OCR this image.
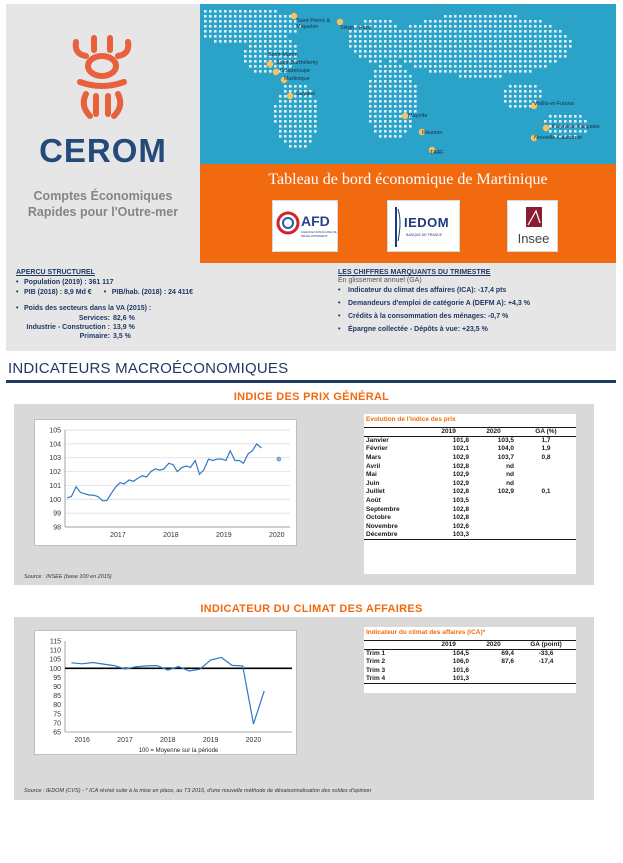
CEROM
Comptes Économiques
Rapides pour l'Outre-mer
Saint-Pierre & Miquelon	Siège - Paris
Saint-Martin
Saint-Barthélemy
Guadeloupe
Martinique
Guyane
Mayotte
Réunion
TAAF
Wallis-et-Futuna
Polynésie française
Nouvelle-Calédonie
Tableau de bord économique de Martinique
AFD
AGENCE FRANÇAISE DE DÉVELOPPEMENT
IEDOM
BANQUE DE FRANCE	Insee
APERCU STRUCTUREL
• Population (2019) : 361 117
• PIB (2018) : 8,9 Md € • PIB/hab. (2018) : 24 411€
• Poids des secteurs dans la VA (2015) :
Services: 82,6 %
Industrie - Construction : 13,9 %
Primaire: 3,5 %
LES CHIFFRES MARQUANTS DU TRIMESTRE
En glissement annuel (GA)
• Indicateur du climat des affaires (ICA): -17,4 pts
• Demandeurs d'emploi de catégorie A (DEFM A): +4,3 %
• Crédits à la consommation des ménages: -0,7 %
• Épargne collectée - Dépôts à vue: +23,5 %
INDICATEURS MACROÉCONOMIQUES
INDICE DES PRIX GÉNÉRAL
98
99
100
101
102
103
104
105
2017	2018	2019	2020
Evolution de l'indice des prix
	2019	2020	GA (%)
Janvier	101,8	103,5	1,7
Février	102,1	104,0	1,9
Mars	102,9	103,7	0,8
Avril	102,8	nd	
Mai	102,9	nd	
Juin	102,9	nd	
Juillet	102,8	102,9	0,1
Août	103,5		
Septembre	102,8		
Octobre	102,8		
Novembre	102,6		
Décembre	103,3		
Source : INSEE (base 100 en 2015)
INDICATEUR DU CLIMAT DES AFFAIRES
65
70
75
80
85
90
95
100
105
110
115
2016	2017	2018	2019	2020
100 = Moyenne sur la période
Indicateur du climat des affaires (ICA)*
	2019	2020	GA (point)
Trim 1	104,5	69,4	-33,6
Trim 2	106,0	87,6	-17,4
Trim 3	101,6		
Trim 4	101,3		
Source : IEDOM (CVS) - * ICA révisé suite à la mise en place, au T3 2016, d'une nouvelle méthode de désaisonnalisation des soldes d'opinion
